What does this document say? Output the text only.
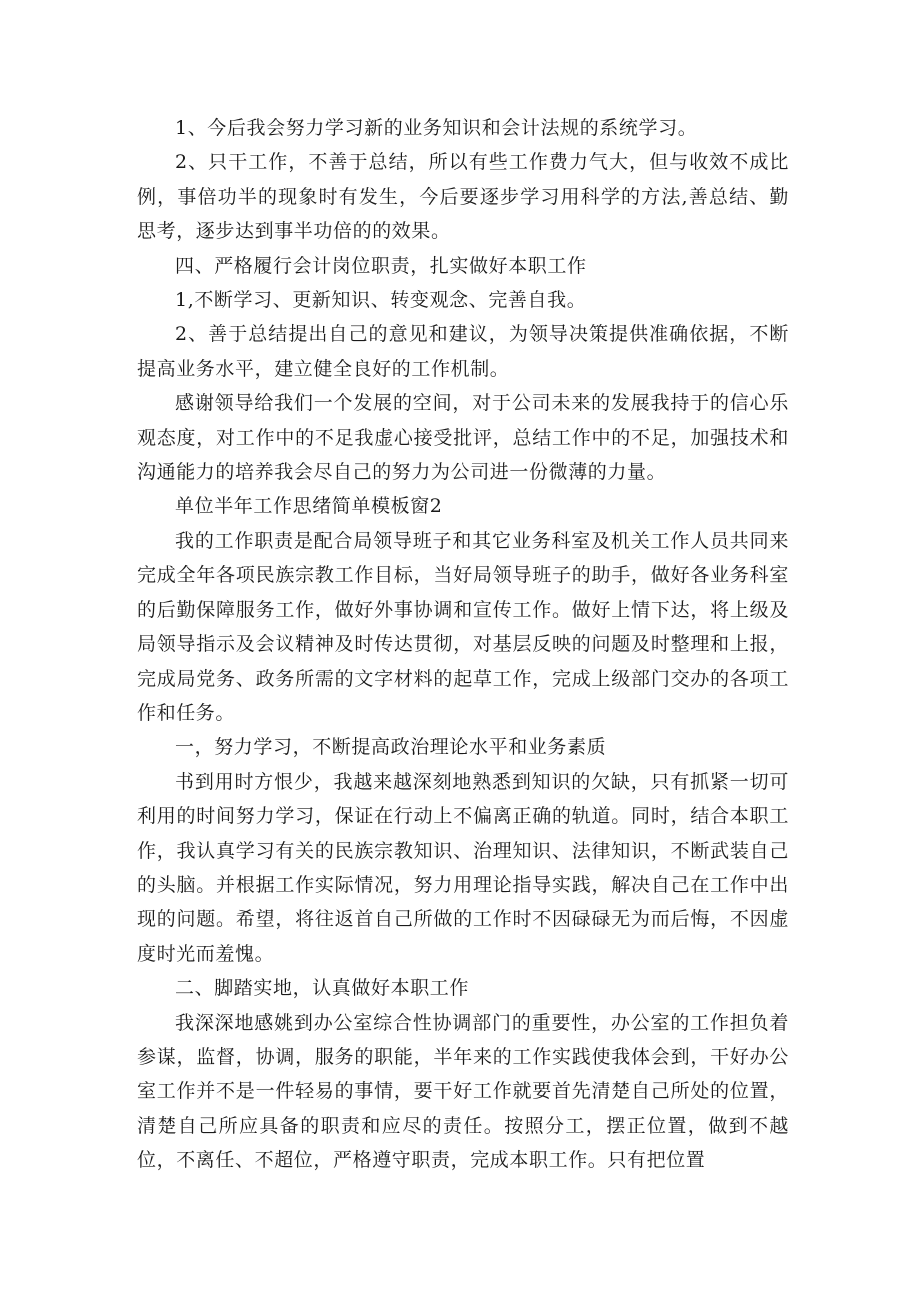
1、今后我会努力学习新的业务知识和会计法规的系统学习。

2、只干工作，不善于总结，所以有些工作费力气大，但与收效不成比例，事倍功半的现象时有发生，今后要逐步学习用科学的方法,善总结、勤思考，逐步达到事半功倍的的效果。

四、严格履行会计岗位职责，扎实做好本职工作

1,不断学习、更新知识、转变观念、完善自我。

2、善于总结提出自己的意见和建议，为领导决策提供准确依据，不断提高业务水平，建立健全良好的工作机制。

感谢领导给我们一个发展的空间，对于公司未来的发展我持于的信心乐观态度，对工作中的不足我虚心接受批评，总结工作中的不足，加强技术和沟通能力的培养我会尽自己的努力为公司进一份微薄的力量。

单位半年工作思绪简单模板窗2

我的工作职责是配合局领导班子和其它业务科室及机关工作人员共同来完成全年各项民族宗教工作目标，当好局领导班子的助手，做好各业务科室的后勤保障服务工作，做好外事协调和宣传工作。做好上情下达，将上级及局领导指示及会议精神及时传达贯彻，对基层反映的问题及时整理和上报，完成局党务、政务所需的文字材料的起草工作，完成上级部门交办的各项工作和任务。

一，努力学习，不断提高政治理论水平和业务素质

书到用时方恨少，我越来越深刻地熟悉到知识的欠缺，只有抓紧一切可利用的时间努力学习，保证在行动上不偏离正确的轨道。同时，结合本职工作，我认真学习有关的民族宗教知识、治理知识、法律知识，不断武装自己的头脑。并根据工作实际情况，努力用理论指导实践，解决自己在工作中出现的问题。希望，将往返首自己所做的工作时不因碌碌无为而后悔，不因虚度时光而羞愧。

二、脚踏实地，认真做好本职工作

我深深地感姚到办公室综合性协调部门的重要性，办公室的工作担负着参谋，监督，协调，服务的职能，半年来的工作实践使我体会到，干好办公室工作并不是一件轻易的事情，要干好工作就要首先清楚自己所处的位置，清楚自己所应具备的职责和应尽的责任。按照分工，摆正位置，做到不越位，不离任、不超位，严格遵守职责，完成本职工作。只有把位置
